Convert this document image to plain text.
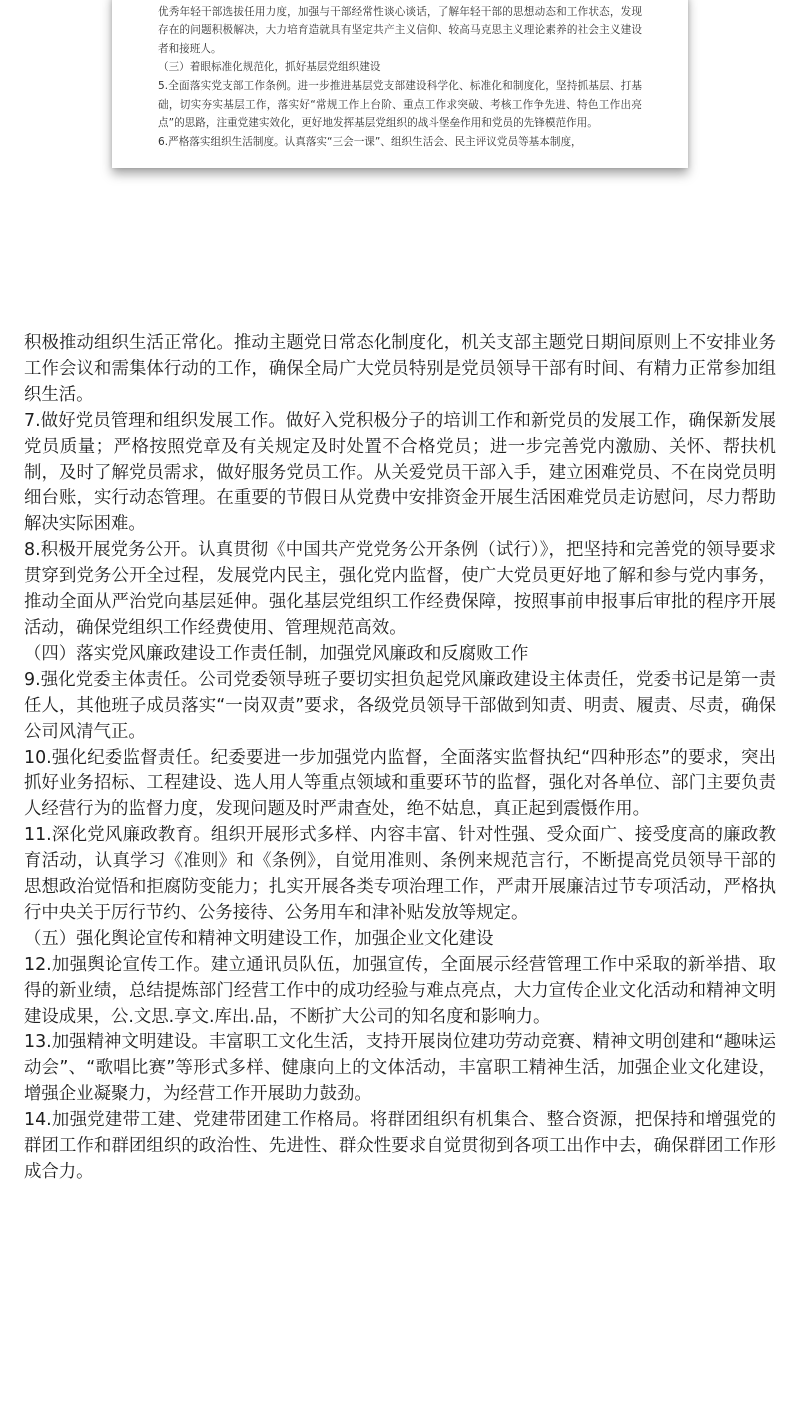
优秀年轻干部选拔任用力度，加强与干部经常性谈心谈话，了解年轻干部的思想动态和工作状态，发现存在的问题积极解决，大力培育造就具有坚定共产主义信仰、较高马克思主义理论素养的社会主义建设者和接班人。

（三）着眼标准化规范化，抓好基层党组织建设

5.全面落实党支部工作条例。进一步推进基层党支部建设科学化、标准化和制度化，坚持抓基层、打基础，切实夯实基层工作，落实好“常规工作上台阶、重点工作求突破、考核工作争先进、特色工作出亮点”的思路，注重党建实效化，更好地发挥基层党组织的战斗堡垒作用和党员的先锋模范作用。

6.严格落实组织生活制度。认真落实“三会一课”、组织生活会、民主评议党员等基本制度，

积极推动组织生活正常化。推动主题党日常态化制度化，机关支部主题党日期间原则上不安排业务工作会议和需集体行动的工作，确保全局广大党员特别是党员领导干部有时间、有精力正常参加组织生活。

7.做好党员管理和组织发展工作。做好入党积极分子的培训工作和新党员的发展工作，确保新发展党员质量；严格按照党章及有关规定及时处置不合格党员；进一步完善党内激励、关怀、帮扶机制，及时了解党员需求，做好服务党员工作。从关爱党员干部入手，建立困难党员、不在岗党员明细台账，实行动态管理。在重要的节假日从党费中安排资金开展生活困难党员走访慰问，尽力帮助解决实际困难。

8.积极开展党务公开。认真贯彻《中国共产党党务公开条例（试行）》，把坚持和完善党的领导要求贯穿到党务公开全过程，发展党内民主，强化党内监督，使广大党员更好地了解和参与党内事务，推动全面从严治党向基层延伸。强化基层党组织工作经费保障，按照事前申报事后审批的程序开展活动，确保党组织工作经费使用、管理规范高效。

（四）落实党风廉政建设工作责任制，加强党风廉政和反腐败工作

9.强化党委主体责任。公司党委领导班子要切实担负起党风廉政建设主体责任，党委书记是第一责任人，其他班子成员落实“一岗双责”要求，各级党员领导干部做到知责、明责、履责、尽责，确保公司风清气正。

10.强化纪委监督责任。纪委要进一步加强党内监督，全面落实监督执纪“四种形态”的要求，突出抓好业务招标、工程建设、选人用人等重点领域和重要环节的监督，强化对各单位、部门主要负责人经营行为的监督力度，发现问题及时严肃查处，绝不姑息，真正起到震慑作用。

11.深化党风廉政教育。组织开展形式多样、内容丰富、针对性强、受众面广、接受度高的廉政教育活动，认真学习《准则》和《条例》，自觉用准则、条例来规范言行，不断提高党员领导干部的思想政治觉悟和拒腐防变能力；扎实开展各类专项治理工作，严肃开展廉洁过节专项活动，严格执行中央关于厉行节约、公务接待、公务用车和津补贴发放等规定。

（五）强化舆论宣传和精神文明建设工作，加强企业文化建设

12.加强舆论宣传工作。建立通讯员队伍，加强宣传，全面展示经营管理工作中采取的新举措、取得的新业绩，总结提炼部门经营工作中的成功经验与难点亮点，大力宣传企业文化活动和精神文明建设成果，公.文思.享文.库出.品，不断扩大公司的知名度和影响力。

13.加强精神文明建设。丰富职工文化生活，支持开展岗位建功劳动竞赛、精神文明创建和“趣味运动会”、“歌唱比赛”等形式多样、健康向上的文体活动，丰富职工精神生活，加强企业文化建设，增强企业凝聚力，为经营工作开展助力鼓劲。

14.加强党建带工建、党建带团建工作格局。将群团组织有机集合、整合资源，把保持和增强党的群团工作和群团组织的政治性、先进性、群众性要求自觉贯彻到各项工出作中去，确保群团工作形成合力。
